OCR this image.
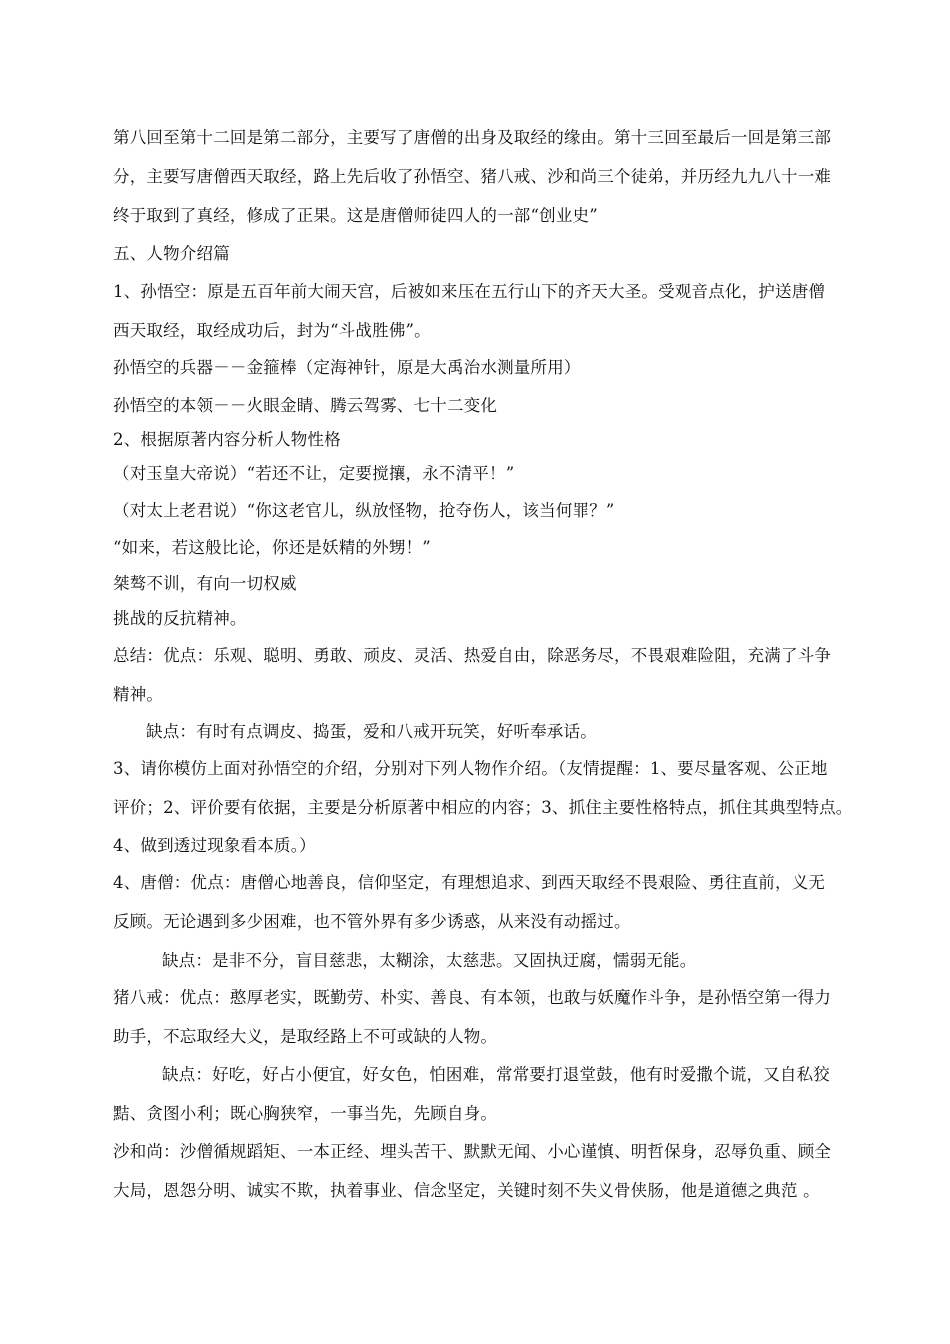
第八回至第十二回是第二部分，主要写了唐僧的出身及取经的缘由。第十三回至最后一回是第三部
分，主要写唐僧西天取经，路上先后收了孙悟空、猪八戒、沙和尚三个徒弟，并历经九九八十一难
终于取到了真经，修成了正果。这是唐僧师徒四人的一部“创业史”
五、人物介绍篇
1、孙悟空：原是五百年前大闹天宫，后被如来压在五行山下的齐天大圣。受观音点化，护送唐僧
西天取经，取经成功后，封为“斗战胜佛”。
孙悟空的兵器－－金箍棒（定海神针，原是大禹治水测量所用）
孙悟空的本领－－火眼金睛、腾云驾雾、七十二变化
2、根据原著内容分析人物性格
（对玉皇大帝说）“若还不让，定要搅攘，永不清平！”
（对太上老君说）“你这老官儿，纵放怪物，抢夺伤人，该当何罪？”
“如来，若这般比论，你还是妖精的外甥！”
桀骜不训，有向一切权威
挑战的反抗精神。
总结：优点：乐观、聪明、勇敢、顽皮、灵活、热爱自由，除恶务尽，不畏艰难险阻，充满了斗争
精神。
缺点：有时有点调皮、捣蛋，爱和八戒开玩笑，好听奉承话。
3、请你模仿上面对孙悟空的介绍，分别对下列人物作介绍。（友情提醒：1、要尽量客观、公正地
评价；2、评价要有依据，主要是分析原著中相应的内容；3、抓住主要性格特点，抓住其典型特点。
4、做到透过现象看本质。）
4、唐僧：优点：唐僧心地善良，信仰坚定，有理想追求、到西天取经不畏艰险、勇往直前，义无
反顾。无论遇到多少困难，也不管外界有多少诱惑，从来没有动摇过。
缺点：是非不分，盲目慈悲，太糊涂，太慈悲。又固执迂腐，懦弱无能。
猪八戒：优点：憨厚老实，既勤劳、朴实、善良、有本领，也敢与妖魔作斗争，是孙悟空第一得力
助手，不忘取经大义，是取经路上不可或缺的人物。
缺点：好吃，好占小便宜，好女色，怕困难，常常要打退堂鼓，他有时爱撒个谎，又自私狡
黠、贪图小利；既心胸狭窄，一事当先，先顾自身。
沙和尚：沙僧循规蹈矩、一本正经、埋头苦干、默默无闻、小心谨慎、明哲保身，忍辱负重、顾全
大局，恩怨分明、诚实不欺，执着事业、信念坚定，关键时刻不失义骨侠肠，他是道德之典范 。
